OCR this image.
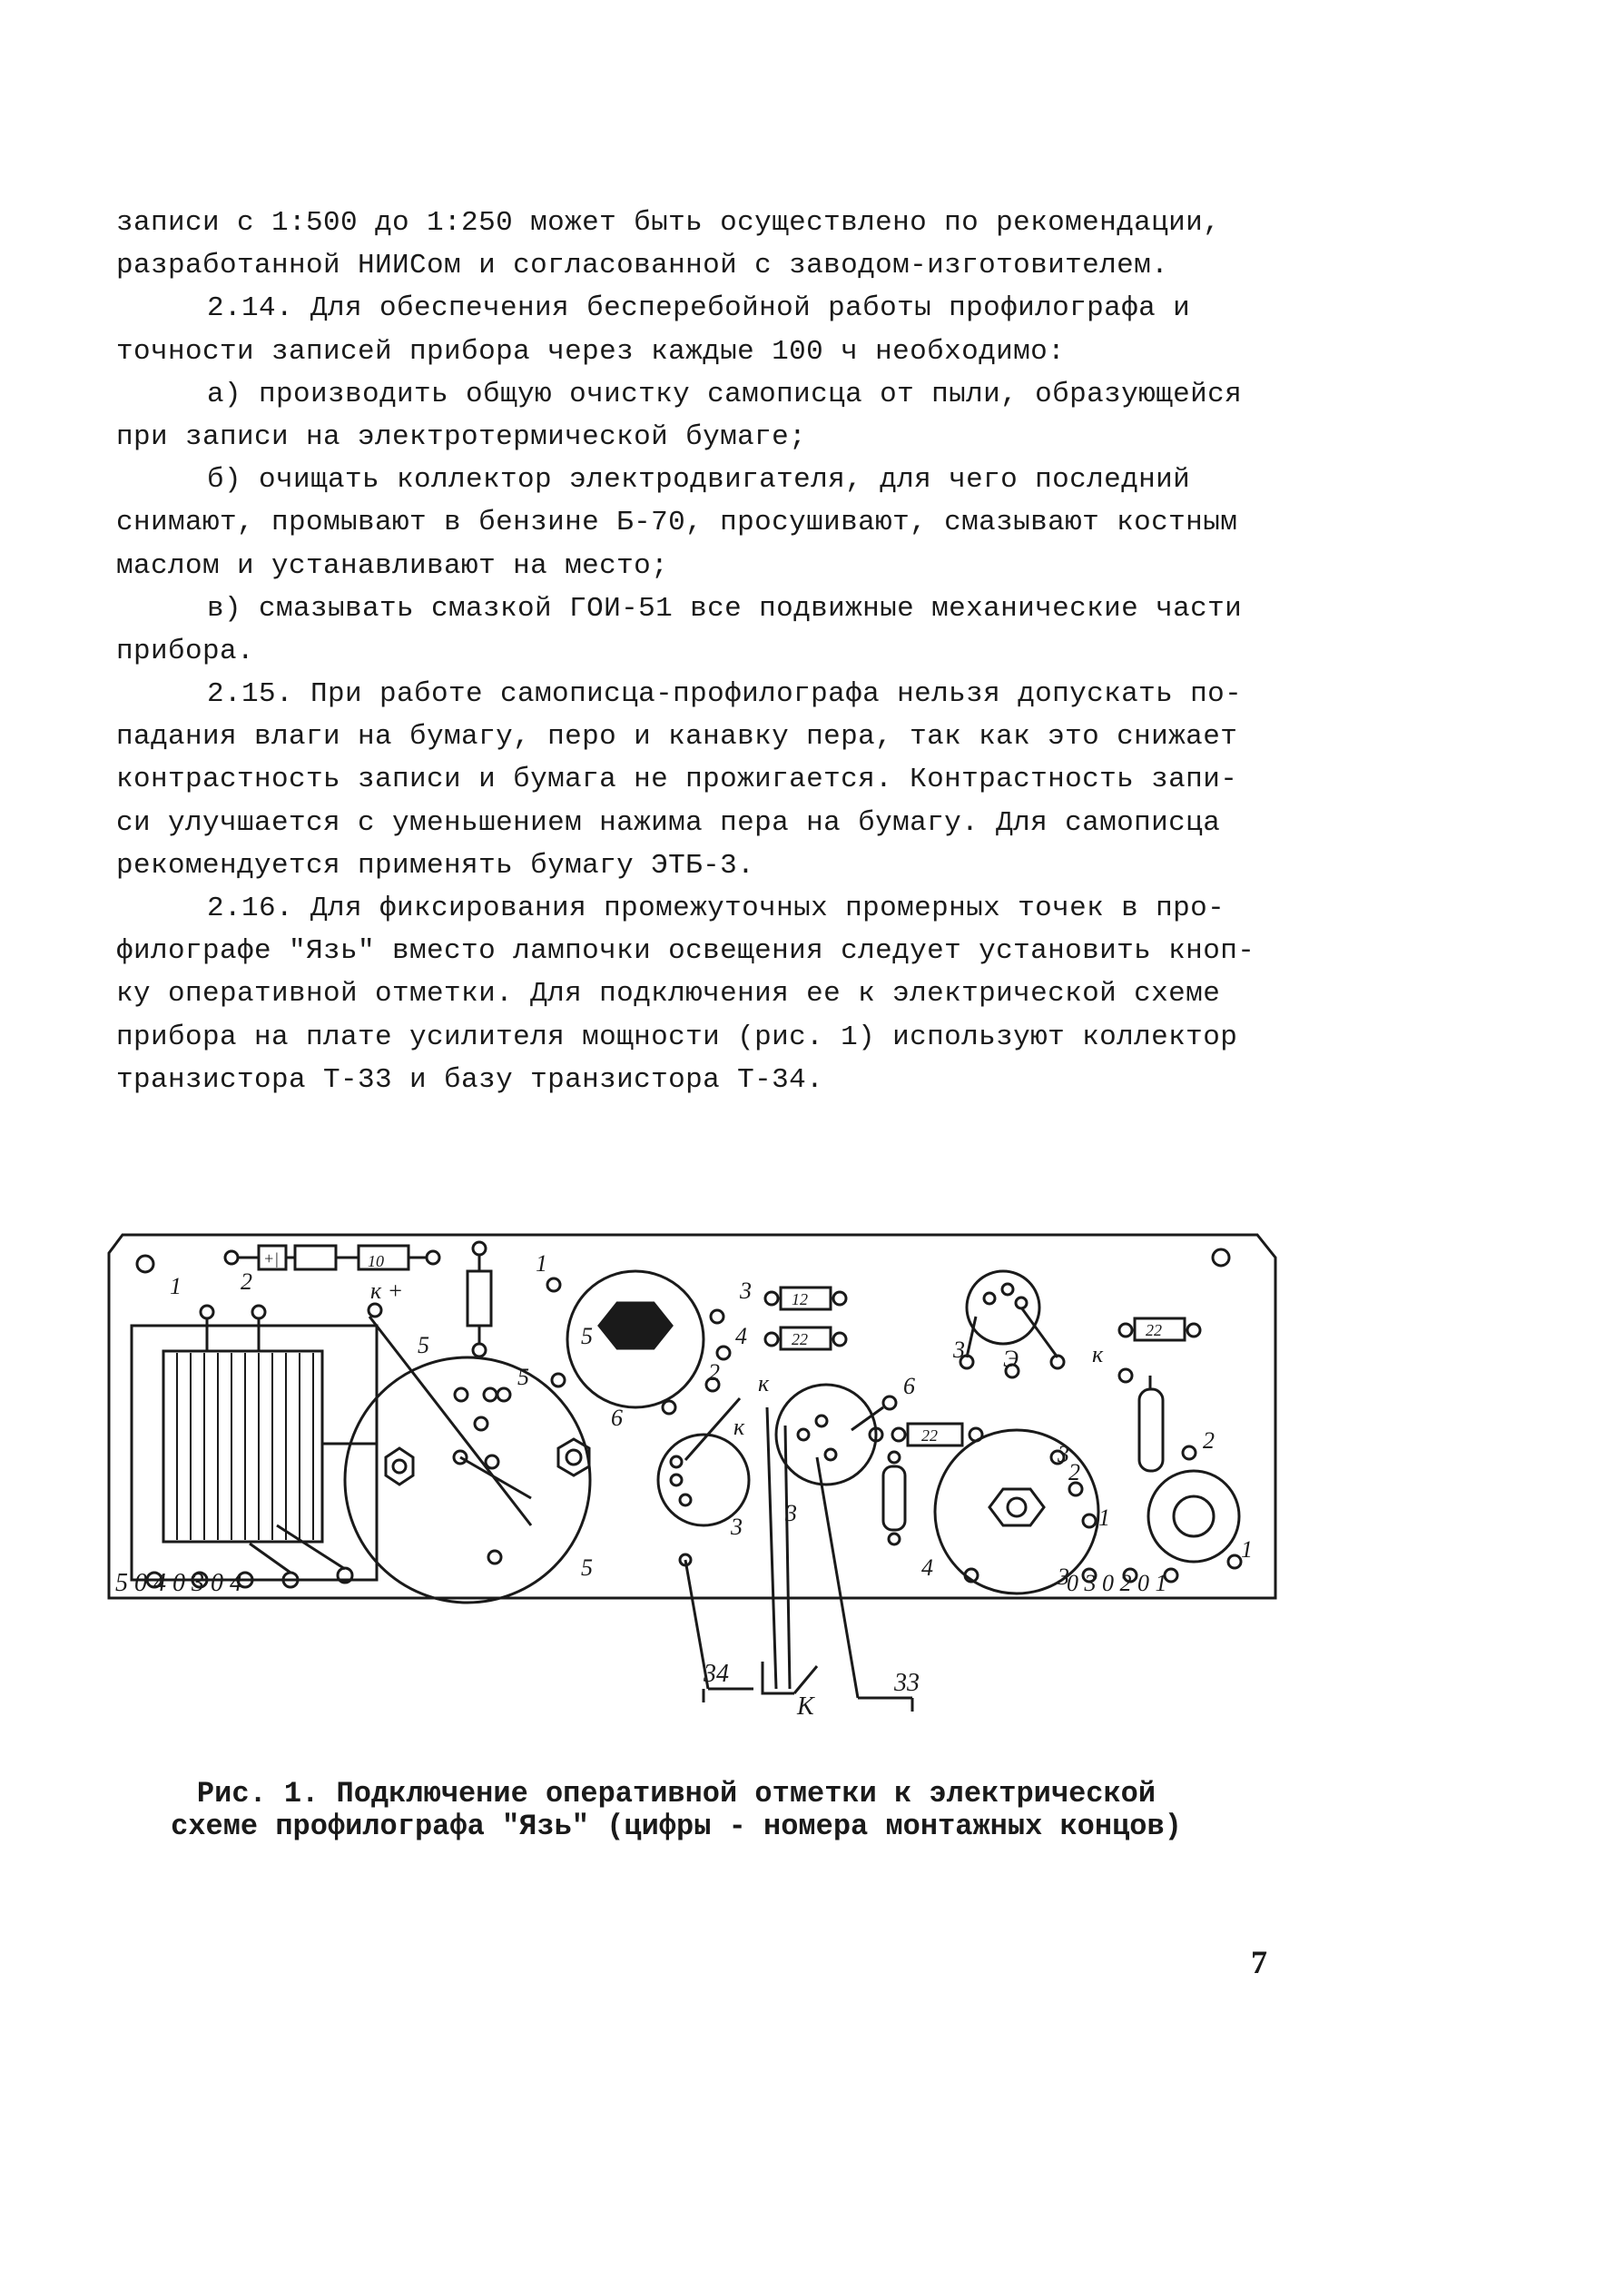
записи с 1:500 до 1:250 может быть осуществлено по рекомендации,
разработанной НИИСом и согласованной с заводом-изготовителем.
2.14. Для обеспечения бесперебойной работы профилографа и
точности записей прибора через каждые 100 ч необходимо:
а) производить общую очистку самописца от пыли, образующейся
при записи на электротермической бумаге;
б) очищать коллектор электродвигателя, для чего последний
снимают, промывают в бензине Б-70, просушивают, смазывают костным
маслом и устанавливают на место;
в) смазывать смазкой ГОИ-51 все подвижные механические части
прибора.
2.15. При работе самописца-профилографа нельзя допускать по-
падания влаги на бумагу, перо и канавку пера, так как это снижает
контрастность записи и бумага не прожигается. Контрастность запи-
си улучшается с уменьшением нажима пера на бумагу. Для самописца
рекомендуется применять бумагу ЭТБ-3.
2.16. Для фиксирования промежуточных промерных точек в про-
филографе "Язь" вместо лампочки освещения следует установить кноп-
ку оперативной отметки. Для подключения ее к электрической схеме
прибора на плате усилителя мощности (рис. 1) используют коллектор
транзистора Т-33 и базу транзистора Т-34.
1	2
5
к +
5
1
3
4
2 к	6
6	к
3
5
к
3 Э
3
2
1
2
1
4
3
5
3
10
12
22
22
22
+|
5 0 4 0 3 0 4	0 3 0 2 0 1
34	33
К
Рис. 1. Подключение оперативной отметки к электрической
схеме профилографа "Язь" (цифры - номера монтажных концов)
7
